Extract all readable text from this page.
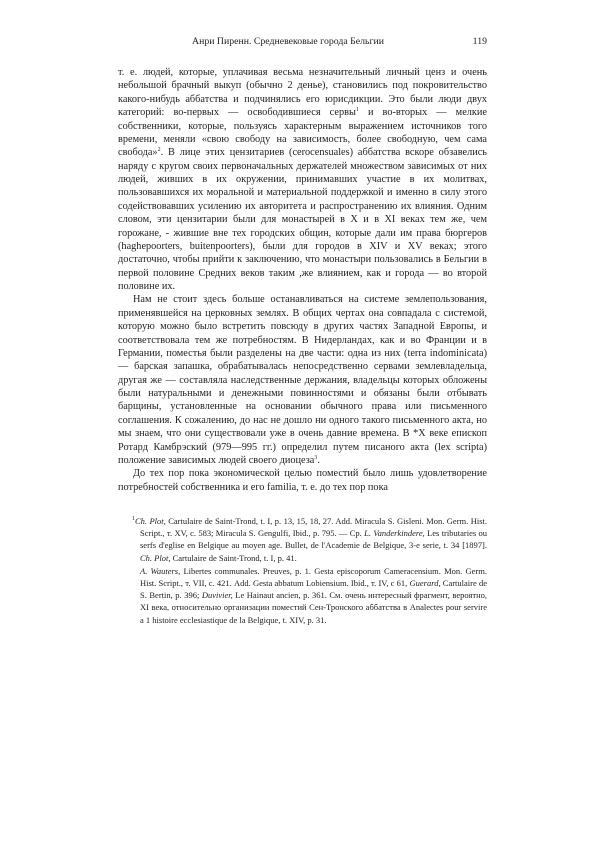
Анри Пиренн. Средневековые города Бельгии	119

т. е. людей, которые, уплачивая весьма незначительный личный ценз и очень небольшой брачный выкуп (обычно 2 денье), становились под покровительство какого-нибудь аббатства и подчинялись его юрисдикции. Это были люди двух категорий: во-первых — освободившиеся сервы$^1$ и во-вторых — мелкие собственники, которые, пользуясь характерным выражением источников того времени, меняли «свою свободу на зависимость, более свободную, чем сама свобода»$^2$. В лице этих цензитариев (cerocensuales) аббатства вскоре обзавелись наряду с кругом своих первоначальных держателей множеством зависимых от них людей, живших в их окружении, принимавших участие в их молитвах, пользовавшихся их моральной и материальной поддержкой и именно в силу этого содействовавших усилению их авторитета и распространению их влияния. Одним словом, эти цензитарии были для монастырей в X и в XI веках тем же, чем горожане, - жившие вне тех городских общин, которые дали им права бюргеров (haghepoorters, buitenpoorters), были для городов в XIV и XV веках; этого достаточно, чтобы прийти к заключению, что монастыри пользовались в Бельгии в первой половине Средних веков таким ,же влиянием, как и города — во второй половине их.

Нам не стоит здесь больше останавливаться на системе землепользования, применявшейся на церковных землях. В общих чертах она совпадала с системой, которую можно было встретить повсюду в других частях Западной Европы, и соответствовала тем же потребностям. В Нидерландах, как и во Франции и в Германии, поместья были разделены на две части: одна из них (terra indominicata) — барская запашка, обрабатывалась непосредственно сервами землевладельца, другая же — составляла наследственные держания, владельцы которых обложены были натуральными и денежными повинностями и обязаны были отбывать барщины, установленные на основании обычного права или письменного соглашения. К сожалению, до нас не дошло ни одного такого письменного акта, но мы знаем, что они существовали уже в очень давние времена. В *X веке епископ Ротард Камбрэский (979—995 гг.) определил путем писаного акта (lex scripta) положение зависимых людей своего диоцеза$^3$.

До тех пор пока экономической целью поместий было лишь удовлетворение потребностей собственника и его familia, т. е. до тех пор пока

$^1$Ch. Plot, Cartulaire de Saint-Trond, t. I, p. 13, 15, 18, 27. Add. Miracula S. Gisleni. Mon. Germ. Hist. Script., т. XV, с. 583; Miracula S. Gengulfi, Ibid., p. 795. — Ср. L. Vanderkindere, Les tributaries ou serfs d'eglise en Belgique au moyen age. Bullet, de l'Academie de Belgique, 3-e serie, t. 34 [1897]. Ch. Plot, Cartulaire de Saint-Trond, t. I, p. 41.

A. Wauters, Libertes communales. Preuves, p. 1. Gesta episcoporum Cameracensium. Mon. Germ. Hist. Script., т. VII, с. 421. Add. Gesta abbatum Lobiensium. Ibid., т. IV, с 61, Guerard, Cartulaire de S. Bertin, p. 396; Duvivier, Le Hainaut ancien, p. 361. См. очень интересный фрагмент, вероятно, XI века, относительно организации поместий Сен-Тронского аббатства в Analectes pour servire a 1 histoire ecclesiastique de la Belgique, t. XIV, p. 31.
